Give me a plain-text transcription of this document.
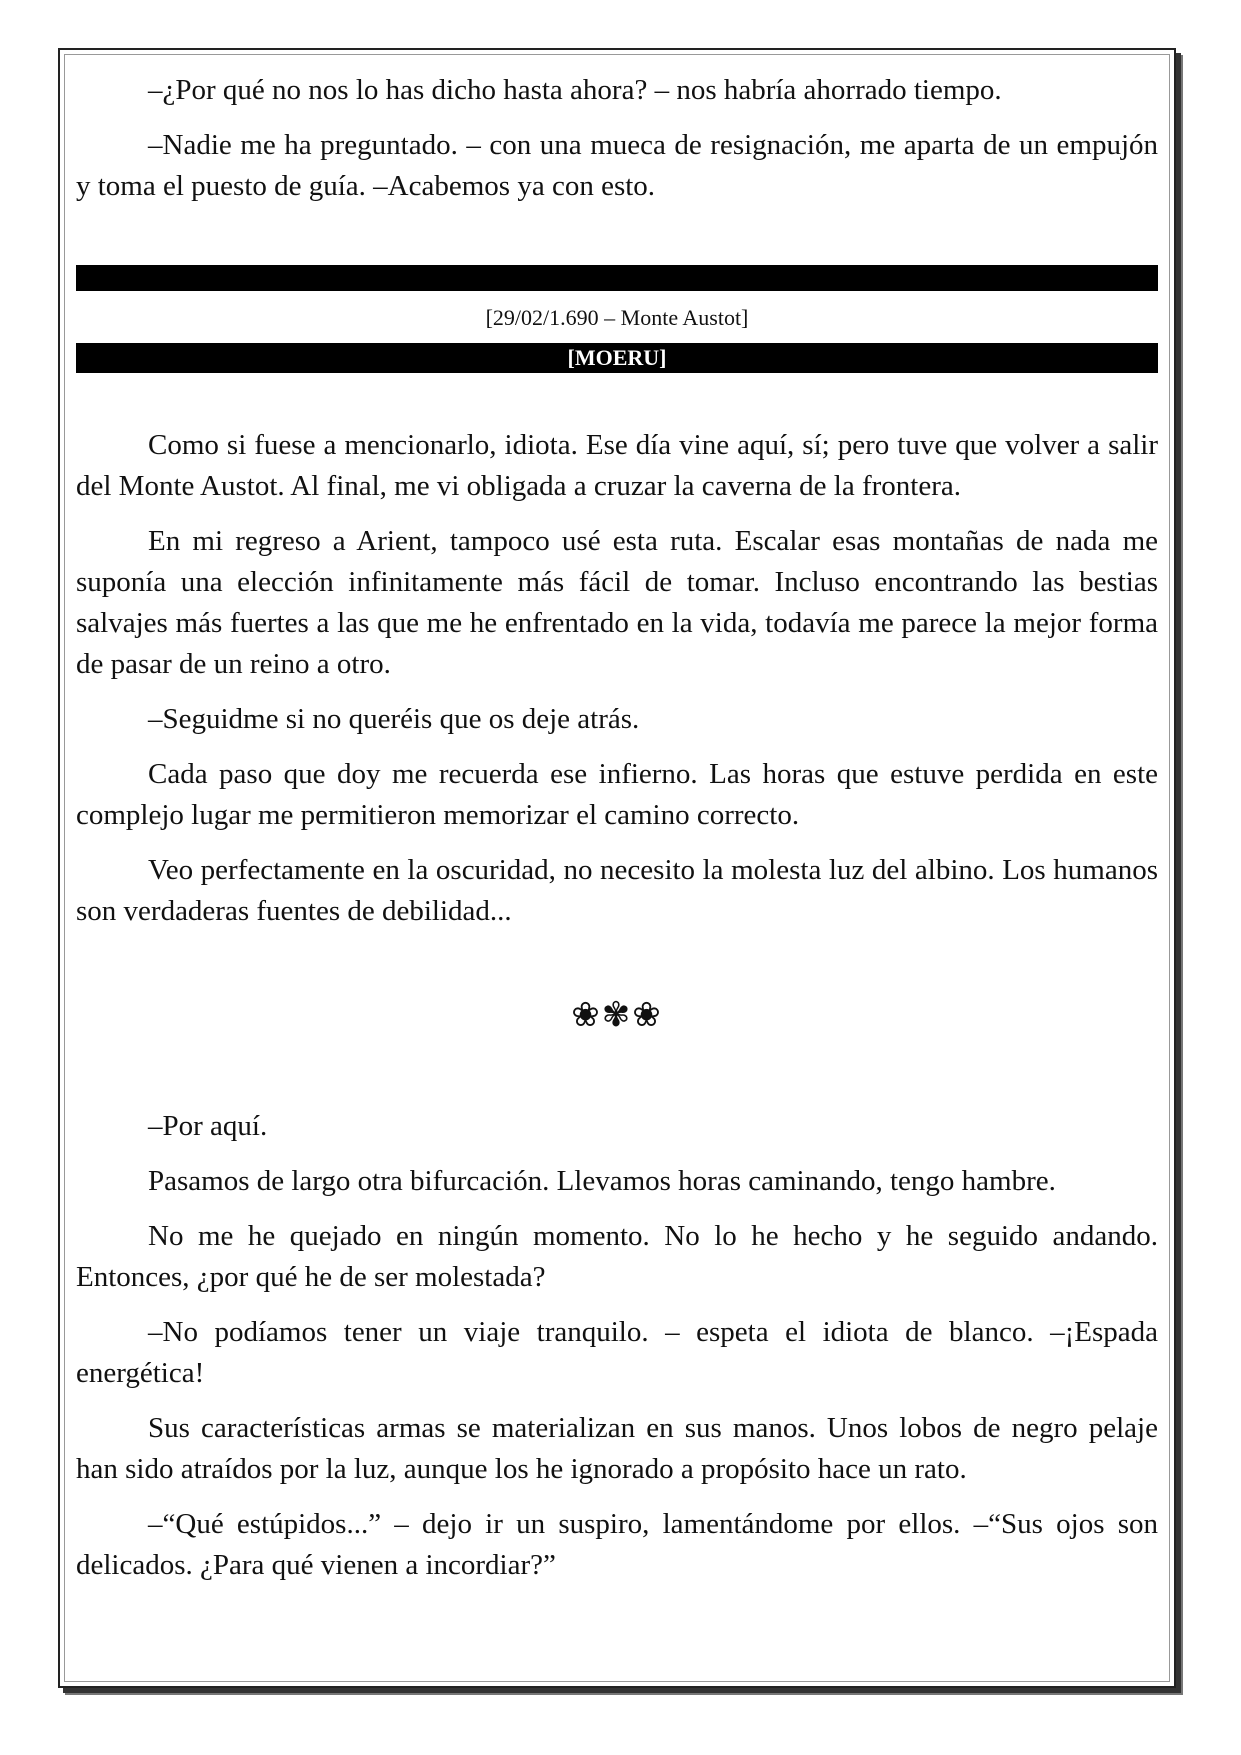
–¿Por qué no nos lo has dicho hasta ahora? – nos habría ahorrado tiempo.

–Nadie me ha preguntado. – con una mueca de resignación, me aparta de un empujón y toma el puesto de guía. –Acabemos ya con esto.

[29/02/1.690 – Monte Austot]
[MOERU]

Como si fuese a mencionarlo, idiota. Ese día vine aquí, sí; pero tuve que volver a salir del Monte Austot. Al final, me vi obligada a cruzar la caverna de la frontera.

En mi regreso a Arient, tampoco usé esta ruta. Escalar esas montañas de nada me suponía una elección infinitamente más fácil de tomar. Incluso encontrando las bestias salvajes más fuertes a las que me he enfrentado en la vida, todavía me parece la mejor forma de pasar de un reino a otro.

–Seguidme si no queréis que os deje atrás.

Cada paso que doy me recuerda ese infierno. Las horas que estuve perdida en este complejo lugar me permitieron memorizar el camino correcto.

Veo perfectamente en la oscuridad, no necesito la molesta luz del albino. Los humanos son verdaderas fuentes de debilidad...

❀✾❀

–Por aquí.

Pasamos de largo otra bifurcación. Llevamos horas caminando, tengo hambre.

No me he quejado en ningún momento. No lo he hecho y he seguido andando. Entonces, ¿por qué he de ser molestada?

–No podíamos tener un viaje tranquilo. – espeta el idiota de blanco. –¡Espada energética!

Sus características armas se materializan en sus manos. Unos lobos de negro pelaje han sido atraídos por la luz, aunque los he ignorado a propósito hace un rato.

–“Qué estúpidos...” – dejo ir un suspiro, lamentándome por ellos. –“Sus ojos son delicados. ¿Para qué vienen a incordiar?”
